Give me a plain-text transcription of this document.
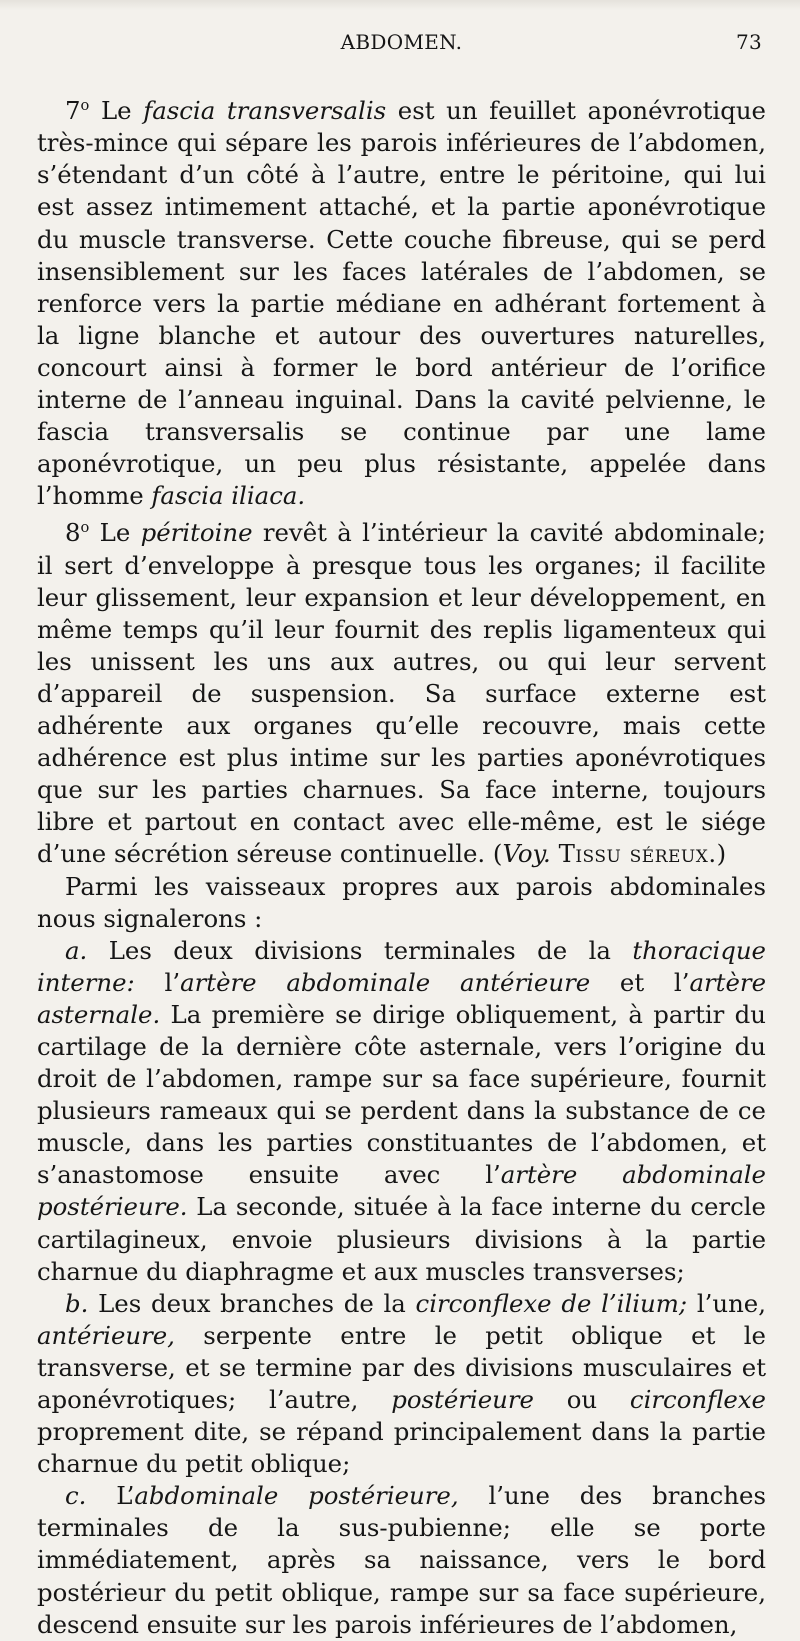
ABDOMEN.	73

7$^o$ Le fascia transversalis est un feuillet aponévrotique très-mince qui sépare les parois inférieures de l’abdomen, s’étendant d’un côté à l’autre, entre le péritoine, qui lui est assez intimement attaché, et la partie aponévrotique du muscle transverse. Cette couche fibreuse, qui se perd insensiblement sur les faces latérales de l’abdomen, se renforce vers la partie médiane en adhérant fortement à la ligne blanche et autour des ouvertures naturelles, concourt ainsi à former le bord antérieur de l’orifice interne de l’anneau inguinal. Dans la cavité pelvienne, le fascia transversalis se continue par une lame aponévrotique, un peu plus résistante, appelée dans l’homme fascia iliaca.

8$^o$ Le péritoine revêt à l’intérieur la cavité abdominale; il sert d’enveloppe à presque tous les organes; il facilite leur glissement, leur expansion et leur développement, en même temps qu’il leur fournit des replis ligamenteux qui les unissent les uns aux autres, ou qui leur servent d’appareil de suspension. Sa surface externe est adhérente aux organes qu’elle recouvre, mais cette adhérence est plus intime sur les parties aponévrotiques que sur les parties charnues. Sa face interne, toujours libre et partout en contact avec elle-même, est le siége d’une sécrétion séreuse continuelle. (Voy. Tissu séreux.)

Parmi les vaisseaux propres aux parois abdominales nous signalerons :

a. Les deux divisions terminales de la thoracique interne: l’artère abdominale antérieure et l’artère asternale. La première se dirige obliquement, à partir du cartilage de la dernière côte asternale, vers l’origine du droit de l’abdomen, rampe sur sa face supérieure, fournit plusieurs rameaux qui se perdent dans la substance de ce muscle, dans les parties constituantes de l’abdomen, et s’anastomose ensuite avec l’artère abdominale postérieure. La seconde, située à la face interne du cercle cartilagineux, envoie plusieurs divisions à la partie charnue du diaphragme et aux muscles transverses;

b. Les deux branches de la circonflexe de l’ilium; l’une, antérieure, serpente entre le petit oblique et le transverse, et se termine par des divisions musculaires et aponévrotiques; l’autre, postérieure ou circonflexe proprement dite, se répand principalement dans la partie charnue du petit oblique;

c. L’abdominale postérieure, l’une des branches terminales de la sus-pubienne; elle se porte immédiatement, après sa naissance, vers le bord postérieur du petit oblique, rampe sur sa face supérieure, descend ensuite sur les parois inférieures de l’abdomen,
